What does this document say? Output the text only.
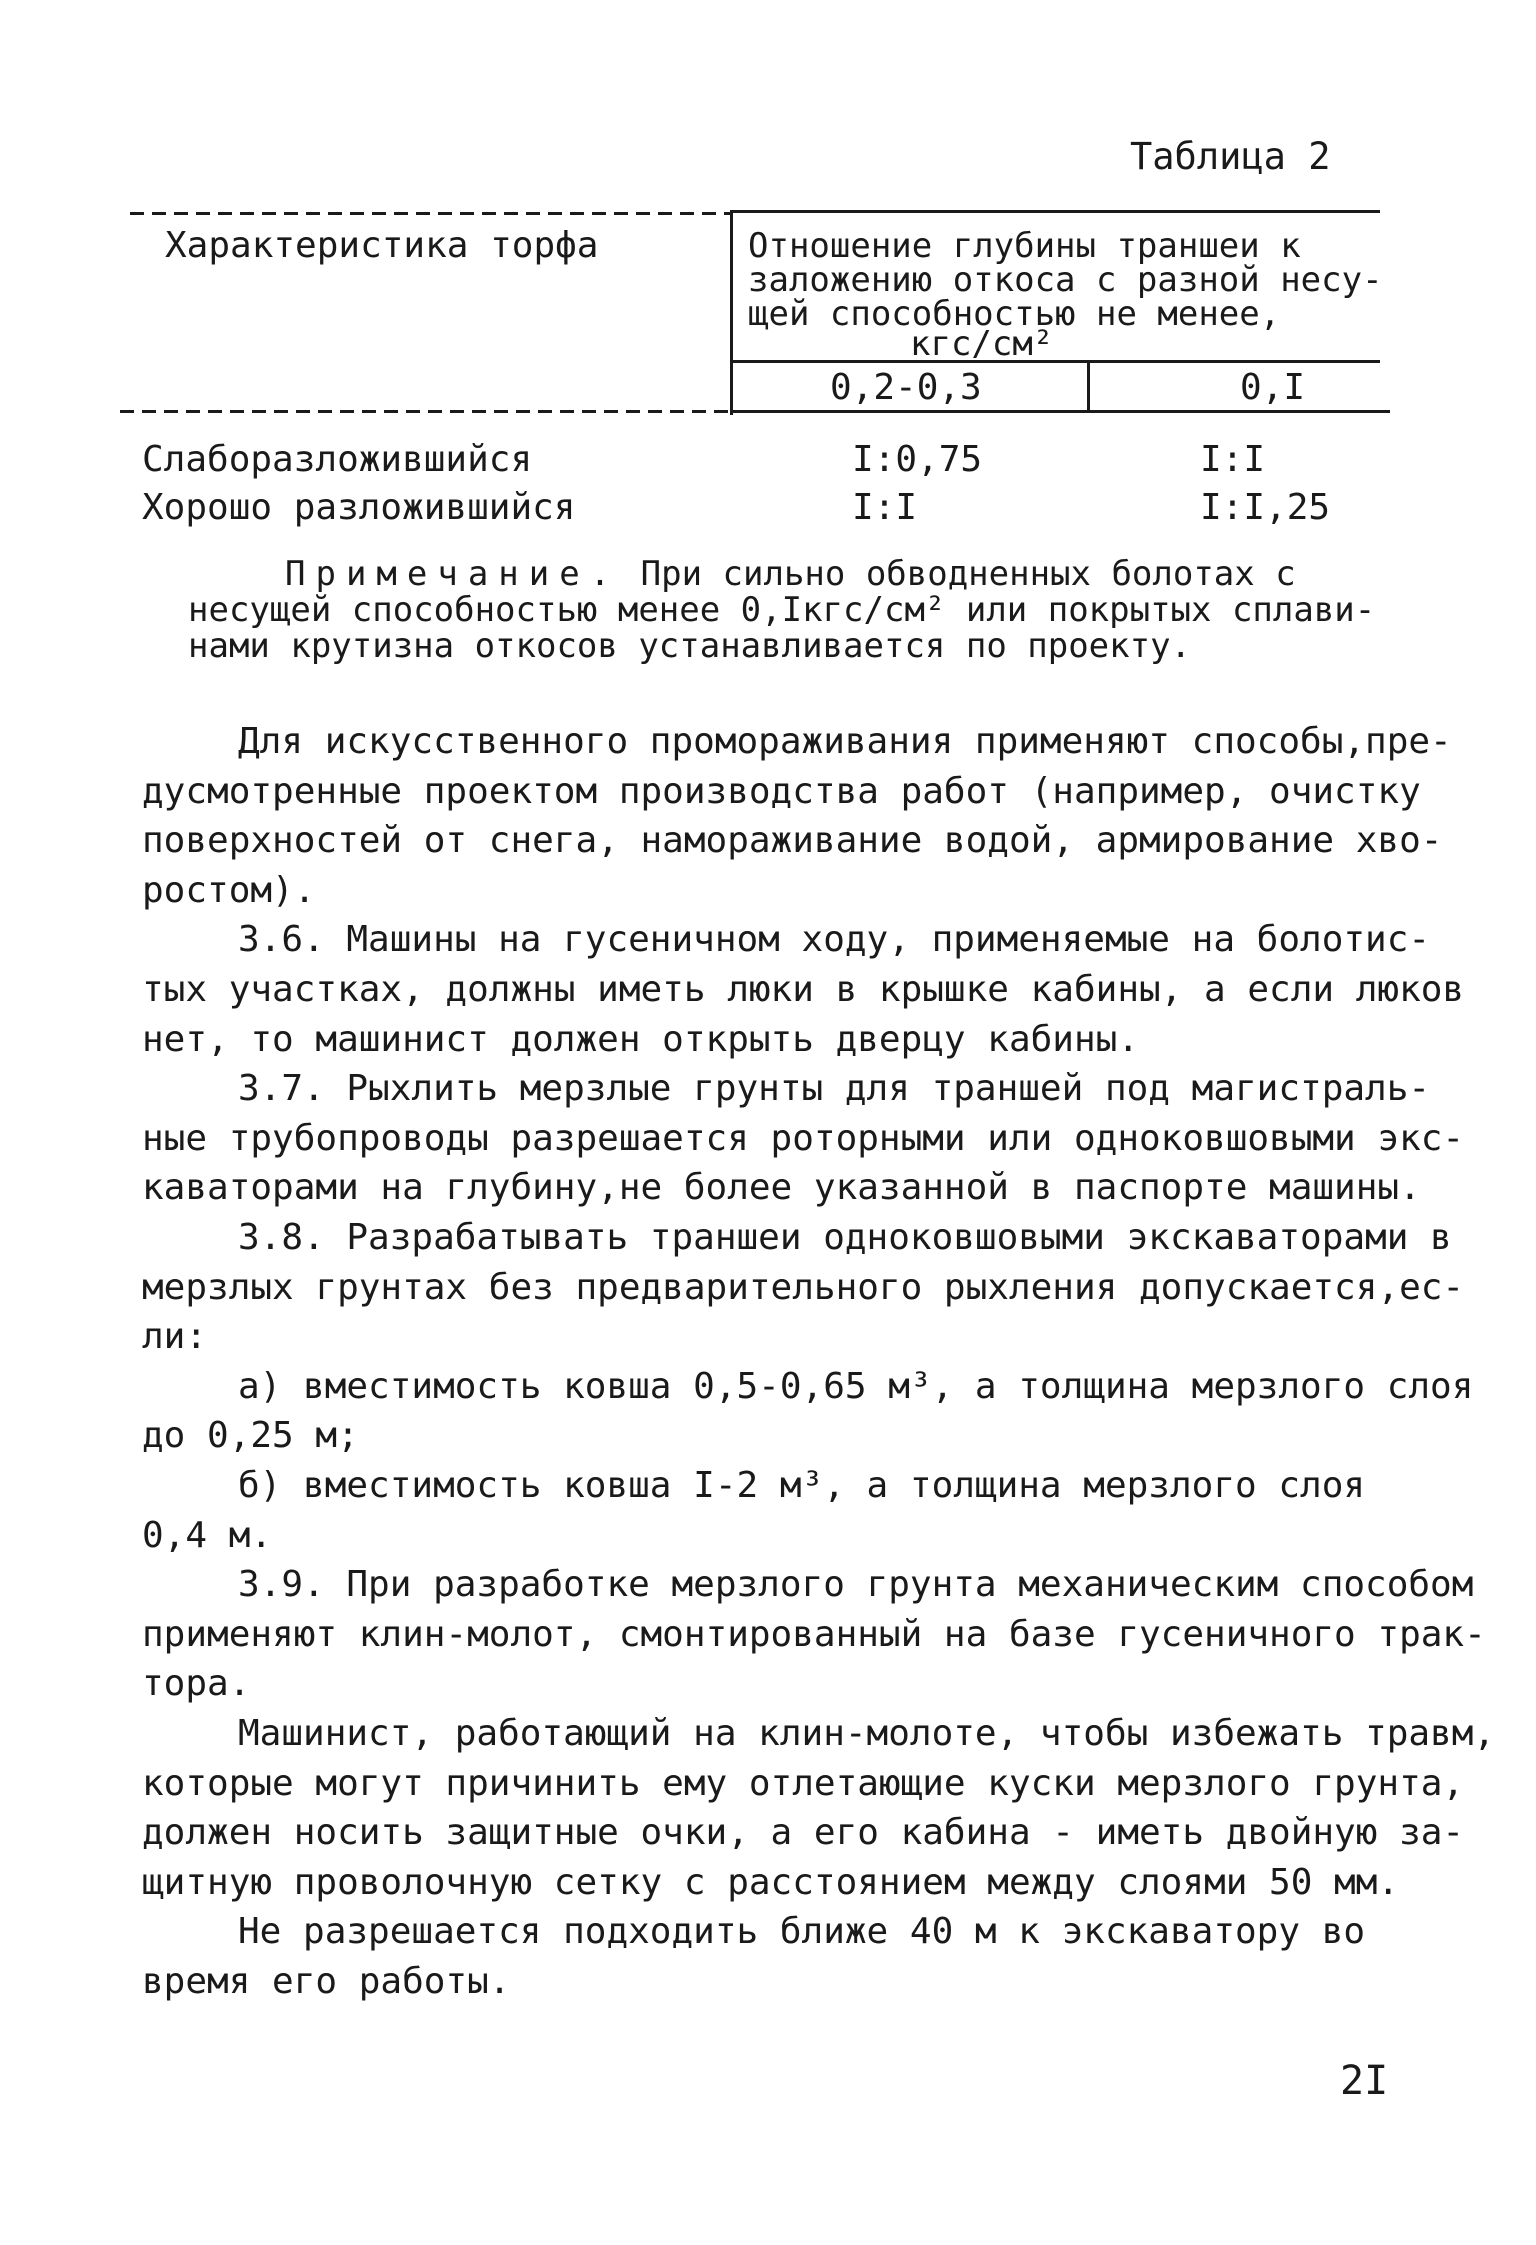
Таблица 2
Характеристика торфа	Отношение глубины траншеи к
заложению откоса с разной несу-
щей способностью не менее,
кгс/см²
0,2-0,3	0,I
Слаборазложившийся	I:0,75	I:I
Хорошо разложившийся	I:I	I:I,25
Примечание. При сильно обводненных болотах с
несущей способностью менее 0,Iкгс/см² или покрытых сплави-
нами крутизна откосов устанавливается по проекту.
Для искусственного промораживания применяют способы,пре-
дусмотренные проектом производства работ (например, очистку
поверхностей от снега, намораживание водой, армирование хво-
ростом).
3.6. Машины на гусеничном ходу, применяемые на болотис-
тых участках, должны иметь люки в крышке кабины, а если люков
нет, то машинист должен открыть дверцу кабины.
3.7. Рыхлить мерзлые грунты для траншей под магистраль-
ные трубопроводы разрешается роторными или одноковшовыми экс-
каваторами на глубину,не более указанной в паспорте машины.
3.8. Разрабатывать траншеи одноковшовыми экскаваторами в
мерзлых грунтах без предварительного рыхления допускается,ес-
ли:
а) вместимость ковша 0,5-0,65 м³, а толщина мерзлого слоя
до 0,25 м;
б) вместимость ковша I-2 м³, а толщина мерзлого слоя
0,4 м.
3.9. При разработке мерзлого грунта механическим способом
применяют клин-молот, смонтированный на базе гусеничного трак-
тора.
Машинист, работающий на клин-молоте, чтобы избежать травм,
которые могут причинить ему отлетающие куски мерзлого грунта,
должен носить защитные очки, а его кабина - иметь двойную за-
щитную проволочную сетку с расстоянием между слоями 50 мм.
Не разрешается подходить ближе 40 м к экскаватору во
время его работы.
2I
